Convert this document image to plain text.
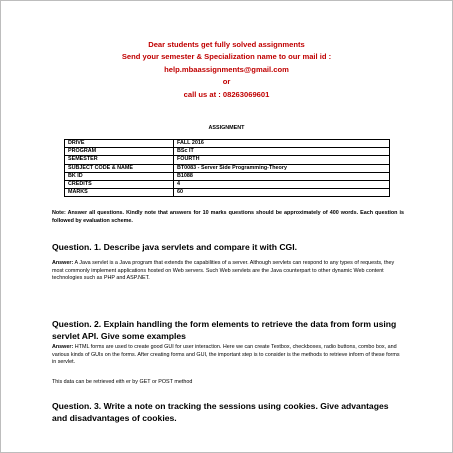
Dear students get fully solved assignments
Send your semester & Specialization name to our mail id :
help.mbaassignments@gmail.com
or
call us at : 08263069601
ASSIGNMENT
DRIVE	FALL 2016
PROGRAM	BSc IT
SEMESTER	FOURTH
SUBJECT CODE & NAME	BT0083 - Server Side Programming-Theory
BK ID	B1088
CREDITS	4
MARKS	60
Note: Answer all questions. Kindly note that answers for 10 marks questions should be approximately of 400 words. Each question is followed by evaluation scheme.
Question. 1. Describe java servlets and compare it with CGI.
Answer: A Java servlet is a Java program that extends the capabilities of a server. Although servlets can respond to any types of requests, they most commonly implement applications hosted on Web servers. Such Web servlets are the Java counterpart to other dynamic Web content technologies such as PHP and ASP.NET.
Question. 2. Explain handling the form elements to retrieve the data from form using servlet API. Give some examples
Answer: HTML forms are used to create good GUI for user interaction. Here we can create Textbox, checkboxes, radio buttons, combo box, and various kinds of GUIs on the forms. After creating forms and GUI, the important step is to consider is the methods to retrieve inform of these forms in servlet.
This data can be retrieved eith er by GET or POST method
Question. 3. Write a note on tracking the sessions using cookies. Give advantages and disadvantages of cookies.
